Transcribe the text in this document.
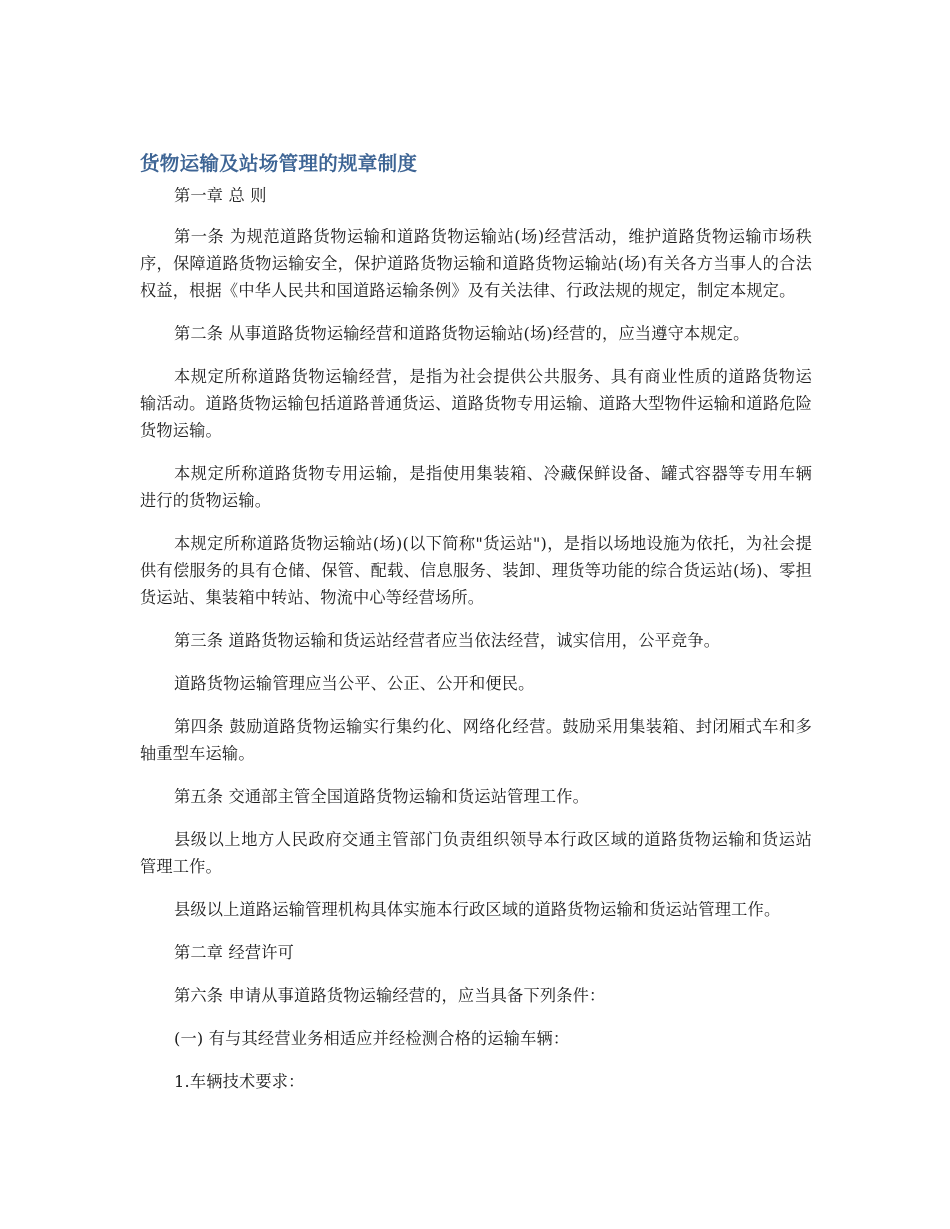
货物运输及站场管理的规章制度

第一章 总 则

第一条 为规范道路货物运输和道路货物运输站(场)经营活动，维护道路货物运输市场秩序，保障道路货物运输安全，保护道路货物运输和道路货物运输站(场)有关各方当事人的合法权益，根据《中华人民共和国道路运输条例》及有关法律、行政法规的规定，制定本规定。

第二条 从事道路货物运输经营和道路货物运输站(场)经营的，应当遵守本规定。

本规定所称道路货物运输经营，是指为社会提供公共服务、具有商业性质的道路货物运输活动。道路货物运输包括道路普通货运、道路货物专用运输、道路大型物件运输和道路危险货物运输。

本规定所称道路货物专用运输，是指使用集装箱、冷藏保鲜设备、罐式容器等专用车辆进行的货物运输。

本规定所称道路货物运输站(场)(以下简称"货运站")，是指以场地设施为依托，为社会提供有偿服务的具有仓储、保管、配载、信息服务、装卸、理货等功能的综合货运站(场)、零担货运站、集装箱中转站、物流中心等经营场所。

第三条 道路货物运输和货运站经营者应当依法经营，诚实信用，公平竞争。

道路货物运输管理应当公平、公正、公开和便民。

第四条 鼓励道路货物运输实行集约化、网络化经营。鼓励采用集装箱、封闭厢式车和多轴重型车运输。

第五条 交通部主管全国道路货物运输和货运站管理工作。

县级以上地方人民政府交通主管部门负责组织领导本行政区域的道路货物运输和货运站管理工作。

县级以上道路运输管理机构具体实施本行政区域的道路货物运输和货运站管理工作。

第二章 经营许可

第六条 申请从事道路货物运输经营的，应当具备下列条件：

(一) 有与其经营业务相适应并经检测合格的运输车辆：

1.车辆技术要求：
